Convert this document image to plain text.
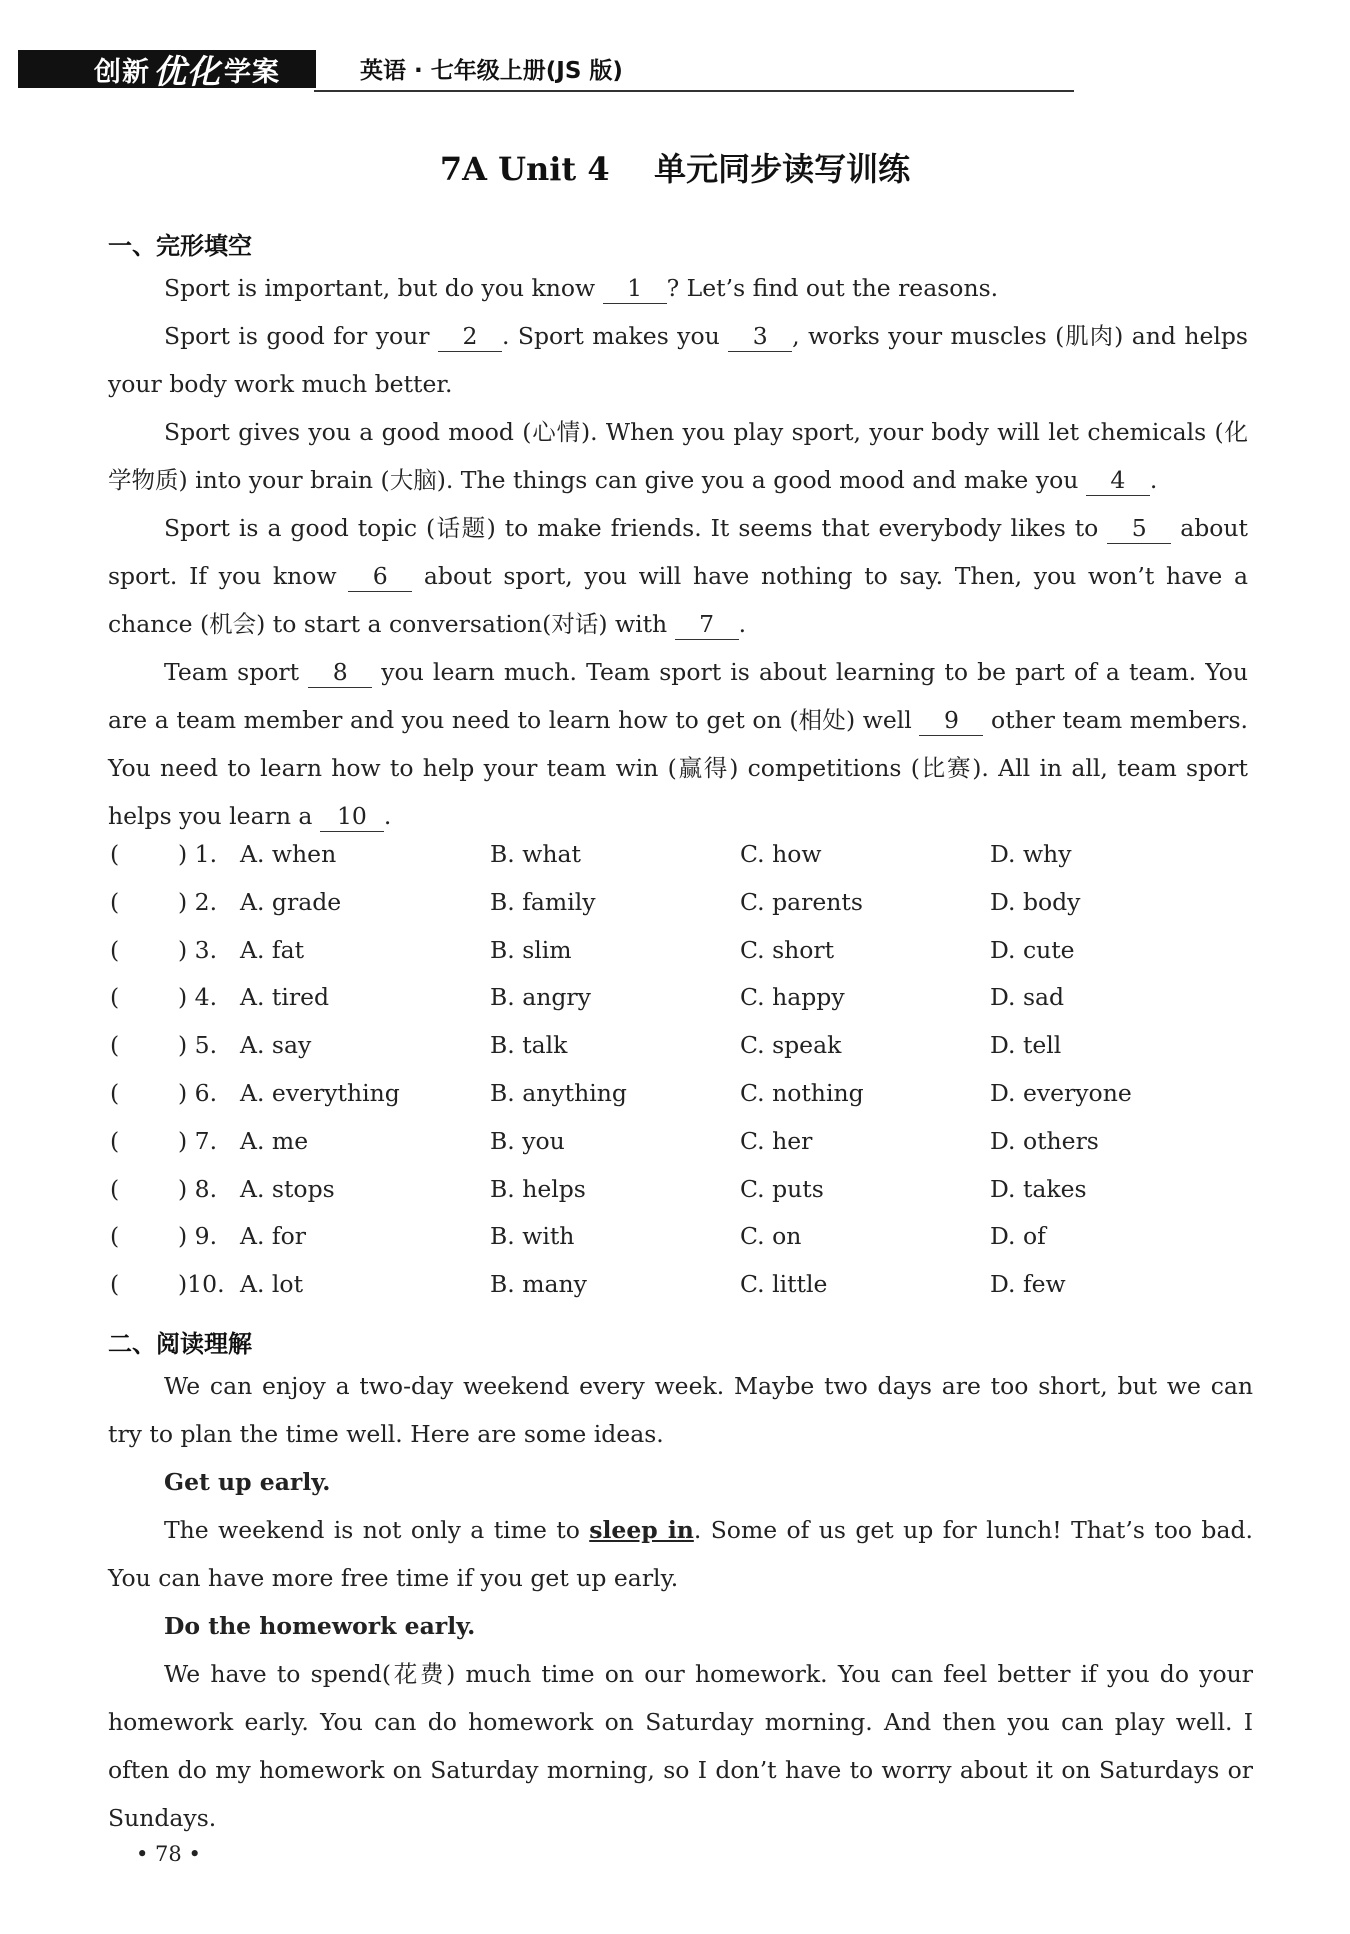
创新 优化 学案	英语 · 七年级上册(JS 版)
7A Unit 4    单元同步读写训练
一、完形填空

Sport is important, but do you know 1 ? Let’s find out the reasons.

Sport is good for your 2 . Sport makes you 3 , works your muscles (肌肉) and helps your body work much better.

Sport gives you a good mood (心情). When you play sport, your body will let chemicals (化学物质) into your brain (大脑). The things can give you a good mood and make you 4 .

Sport is a good topic (话题) to make friends. It seems that everybody likes to 5 about sport. If you know 6 about sport, you will have nothing to say. Then, you won’t have a chance (机会) to start a conversation(对话) with 7 .

Team sport 8 you learn much. Team sport is about learning to be part of a team. You are a team member and you need to learn how to get on (相处) well 9 other team members. You need to learn how to help your team win (赢得) competitions (比赛). All in all, team sport helps you learn a 10 .

(	) 1. A. when	B. what	C. how	D. why
(	) 2. A. grade	B. family	C. parents	D. body
(	) 3. A. fat	B. slim	C. short	D. cute
(	) 4. A. tired	B. angry	C. happy	D. sad
(	) 5. A. say	B. talk	C. speak	D. tell
(	) 6. A. everything	B. anything	C. nothing	D. everyone
(	) 7. A. me	B. you	C. her	D. others
(	) 8. A. stops	B. helps	C. puts	D. takes
(	) 9. A. for	B. with	C. on	D. of
(	)10. A. lot	B. many	C. little	D. few
二、阅读理解

We can enjoy a two-day weekend every week. Maybe two days are too short, but we can try to plan the time well. Here are some ideas.

Get up early.

The weekend is not only a time to sleep in. Some of us get up for lunch! That’s too bad. You can have more free time if you get up early.

Do the homework early.

We have to spend(花费) much time on our homework. You can feel better if you do your homework early. You can do homework on Saturday morning. And then you can play well. I often do my homework on Saturday morning, so I don’t have to worry about it on Saturdays or Sundays.

• 78 •
